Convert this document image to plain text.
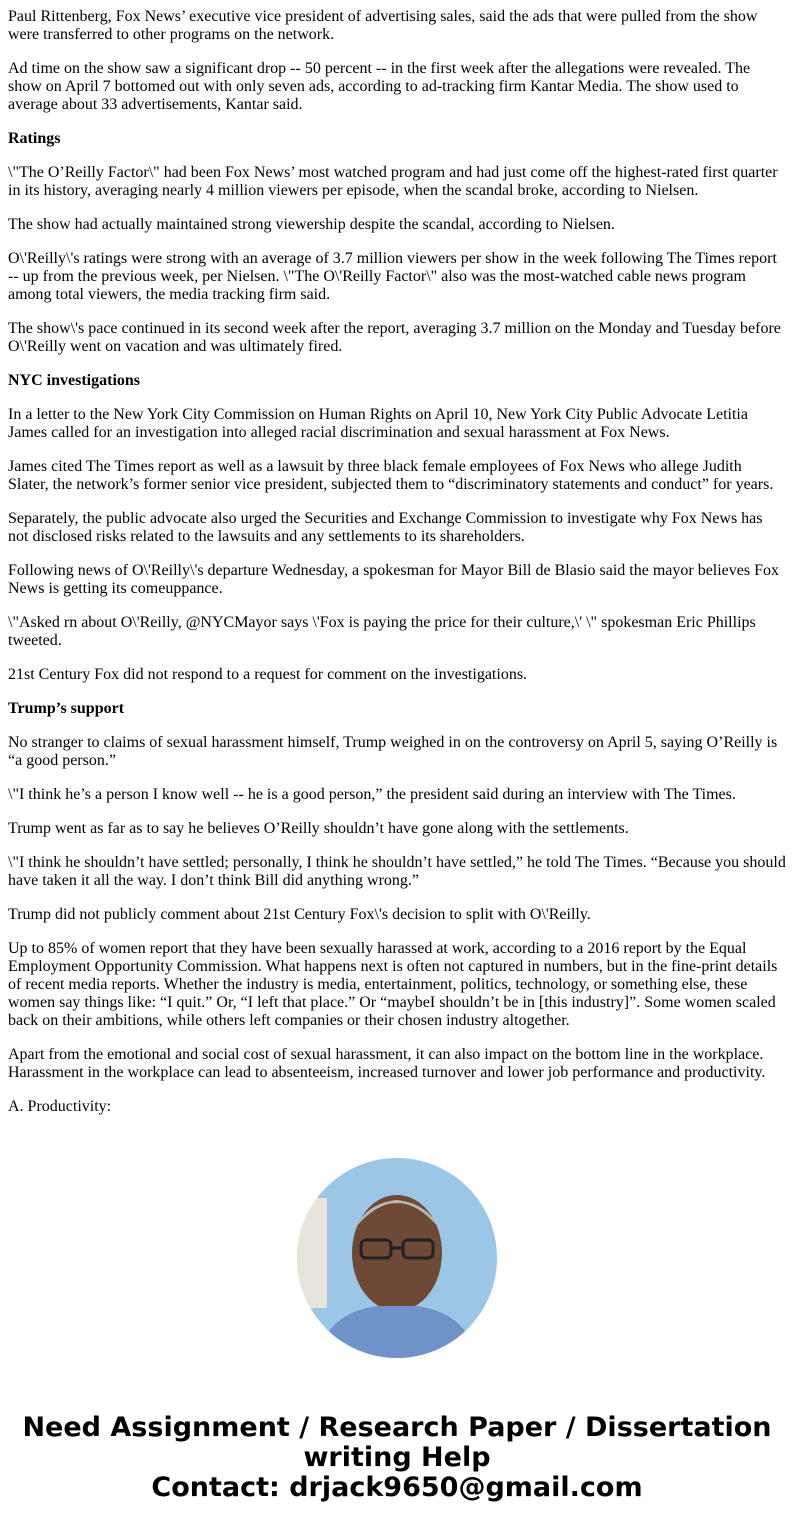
Paul Rittenberg, Fox News’ executive vice president of advertising sales, said the ads that were pulled from the show were transferred to other programs on the network.

Ad time on the show saw a significant drop -- 50 percent -- in the first week after the allegations were revealed. The show on April 7 bottomed out with only seven ads, according to ad-tracking firm Kantar Media. The show used to average about 33 advertisements, Kantar said.

Ratings

\"The O’Reilly Factor\" had been Fox News’ most watched program and had just come off the highest-rated first quarter in its history, averaging nearly 4 million viewers per episode, when the scandal broke, according to Nielsen.

The show had actually maintained strong viewership despite the scandal, according to Nielsen.

O\'Reilly\'s ratings were strong with an average of 3.7 million viewers per show in the week following The Times report -- up from the previous week, per Nielsen. \"The O\'Reilly Factor\" also was the most-watched cable news program among total viewers, the media tracking firm said.

The show\'s pace continued in its second week after the report, averaging 3.7 million on the Monday and Tuesday before O\'Reilly went on vacation and was ultimately fired.

NYC investigations

In a letter to the New York City Commission on Human Rights on April 10, New York City Public Advocate Letitia James called for an investigation into alleged racial discrimination and sexual harassment at Fox News.

James cited The Times report as well as a lawsuit by three black female employees of Fox News who allege Judith Slater, the network’s former senior vice president, subjected them to “discriminatory statements and conduct” for years.

Separately, the public advocate also urged the Securities and Exchange Commission to investigate why Fox News has not disclosed risks related to the lawsuits and any settlements to its shareholders.

Following news of O\'Reilly\'s departure Wednesday, a spokesman for Mayor Bill de Blasio said the mayor believes Fox News is getting its comeuppance.

\"Asked rn about O\'Reilly, @NYCMayor says \'Fox is paying the price for their culture,\' \" spokesman Eric Phillips tweeted.

21st Century Fox did not respond to a request for comment on the investigations.

Trump’s support

No stranger to claims of sexual harassment himself, Trump weighed in on the controversy on April 5, saying O’Reilly is “a good person.”

\"I think he’s a person I know well -- he is a good person,” the president said during an interview with The Times.

Trump went as far as to say he believes O’Reilly shouldn’t have gone along with the settlements.

\"I think he shouldn’t have settled; personally, I think he shouldn’t have settled,” he told The Times. “Because you should have taken it all the way. I don’t think Bill did anything wrong.”

Trump did not publicly comment about 21st Century Fox\'s decision to split with O\'Reilly.

Up to 85% of women report that they have been sexually harassed at work, according to a 2016 report by the Equal Employment Opportunity Commission. What happens next is often not captured in numbers, but in the fine-print details of recent media reports. Whether the industry is media, entertainment, politics, technology, or something else, these women say things like: “I quit.” Or, “I left that place.” Or “maybeI shouldn’t be in [this industry]”. Some women scaled back on their ambitions, while others left companies or their chosen industry altogether.

Apart from the emotional and social cost of sexual harassment, it can also impact on the bottom line in the workplace. Harassment in the workplace can lead to absenteeism, increased turnover and lower job performance and productivity.

A. Productivity:

Need Assignment / Research Paper / Dissertation writing Help
Contact: drjack9650@gmail.com
